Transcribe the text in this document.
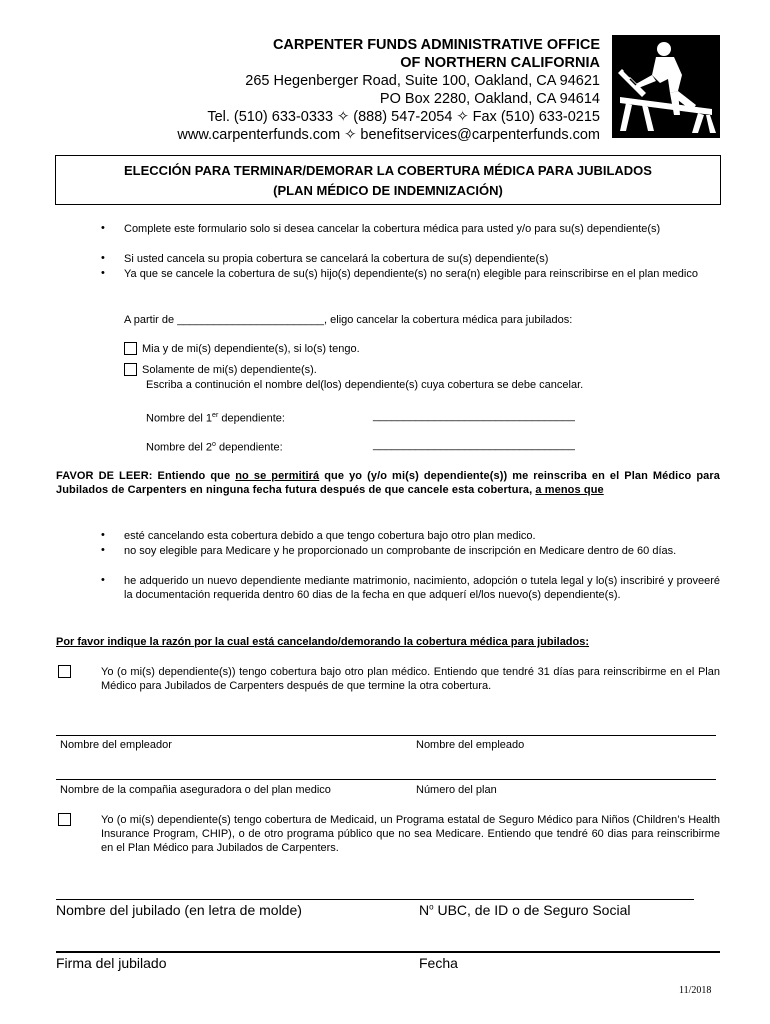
CARPENTER FUNDS ADMINISTRATIVE OFFICE
OF NORTHERN CALIFORNIA
265 Hegenberger Road, Suite 100, Oakland, CA 94621
PO Box 2280, Oakland, CA 94614
Tel. (510) 633-0333 ✧ (888) 547-2054 ✧ Fax (510) 633-0215
www.carpenterfunds.com ✧ benefitservices@carpenterfunds.com
ELECCIÓN PARA TERMINAR/DEMORAR LA COBERTURA MÉDICA PARA JUBILADOS
(PLAN MÉDICO DE INDEMNIZACIÓN)
• Complete este formulario solo si desea cancelar la cobertura médica para usted y/o para su(s) dependiente(s)
• Si usted cancela su propia cobertura se cancelará la cobertura de su(s) dependiente(s)
• Ya que se cancele la cobertura de su(s) hijo(s) dependiente(s) no sera(n) elegible para reinscribirse en el plan medico
A partir de ________________________, eligo cancelar la cobertura médica para jubilados:
Mia y de mi(s) dependiente(s), si lo(s) tengo.
Solamente de mi(s) dependiente(s).
Escriba a continución el nombre del(los) dependiente(s) cuya cobertura se debe cancelar.
Nombre del 1er dependiente:	_________________________________
Nombre del 2$^o$ dependiente:	_________________________________
FAVOR DE LEER: Entiendo que no se permitirá que yo (y/o mi(s) dependiente(s)) me reinscriba en el Plan Médico para Jubilados de Carpenters en ninguna fecha futura después de que cancele esta cobertura, a menos que
• esté cancelando esta cobertura debido a que tengo cobertura bajo otro plan medico.
• no soy elegible para Medicare y he proporcionado un comprobante de inscripción en Medicare dentro de 60 días.
• he adquerido un nuevo dependiente mediante matrimonio, nacimiento, adopción o tutela legal y lo(s) inscribiré y proveeré la documentación requerida dentro 60 dias de la fecha en que adquerí el/los nuevo(s) dependiente(s).
Por favor indique la razón por la cual está cancelando/demorando la cobertura médica para jubilados:
Yo (o mi(s) dependiente(s)) tengo cobertura bajo otro plan médico. Entiendo que tendré 31 días para reinscribirme en el Plan Médico para Jubilados de Carpenters después de que termine la otra cobertura.
Nombre del empleador	Nombre del empleado
Nombre de la compañia aseguradora o del plan medico	Número del plan
Yo (o mi(s) dependiente(s) tengo cobertura de Medicaid, un Programa estatal de Seguro Médico para Niños (Children’s Health Insurance Program, CHIP), o de otro programa público que no sea Medicare. Entiendo que tendré 60 dias para reinscribirme en el Plan Médico para Jubilados de Carpenters.
Nombre del jubilado (en letra de molde)	$N^o$ UBC, de ID o de Seguro Social
Firma del jubilado	Fecha
11/2018
